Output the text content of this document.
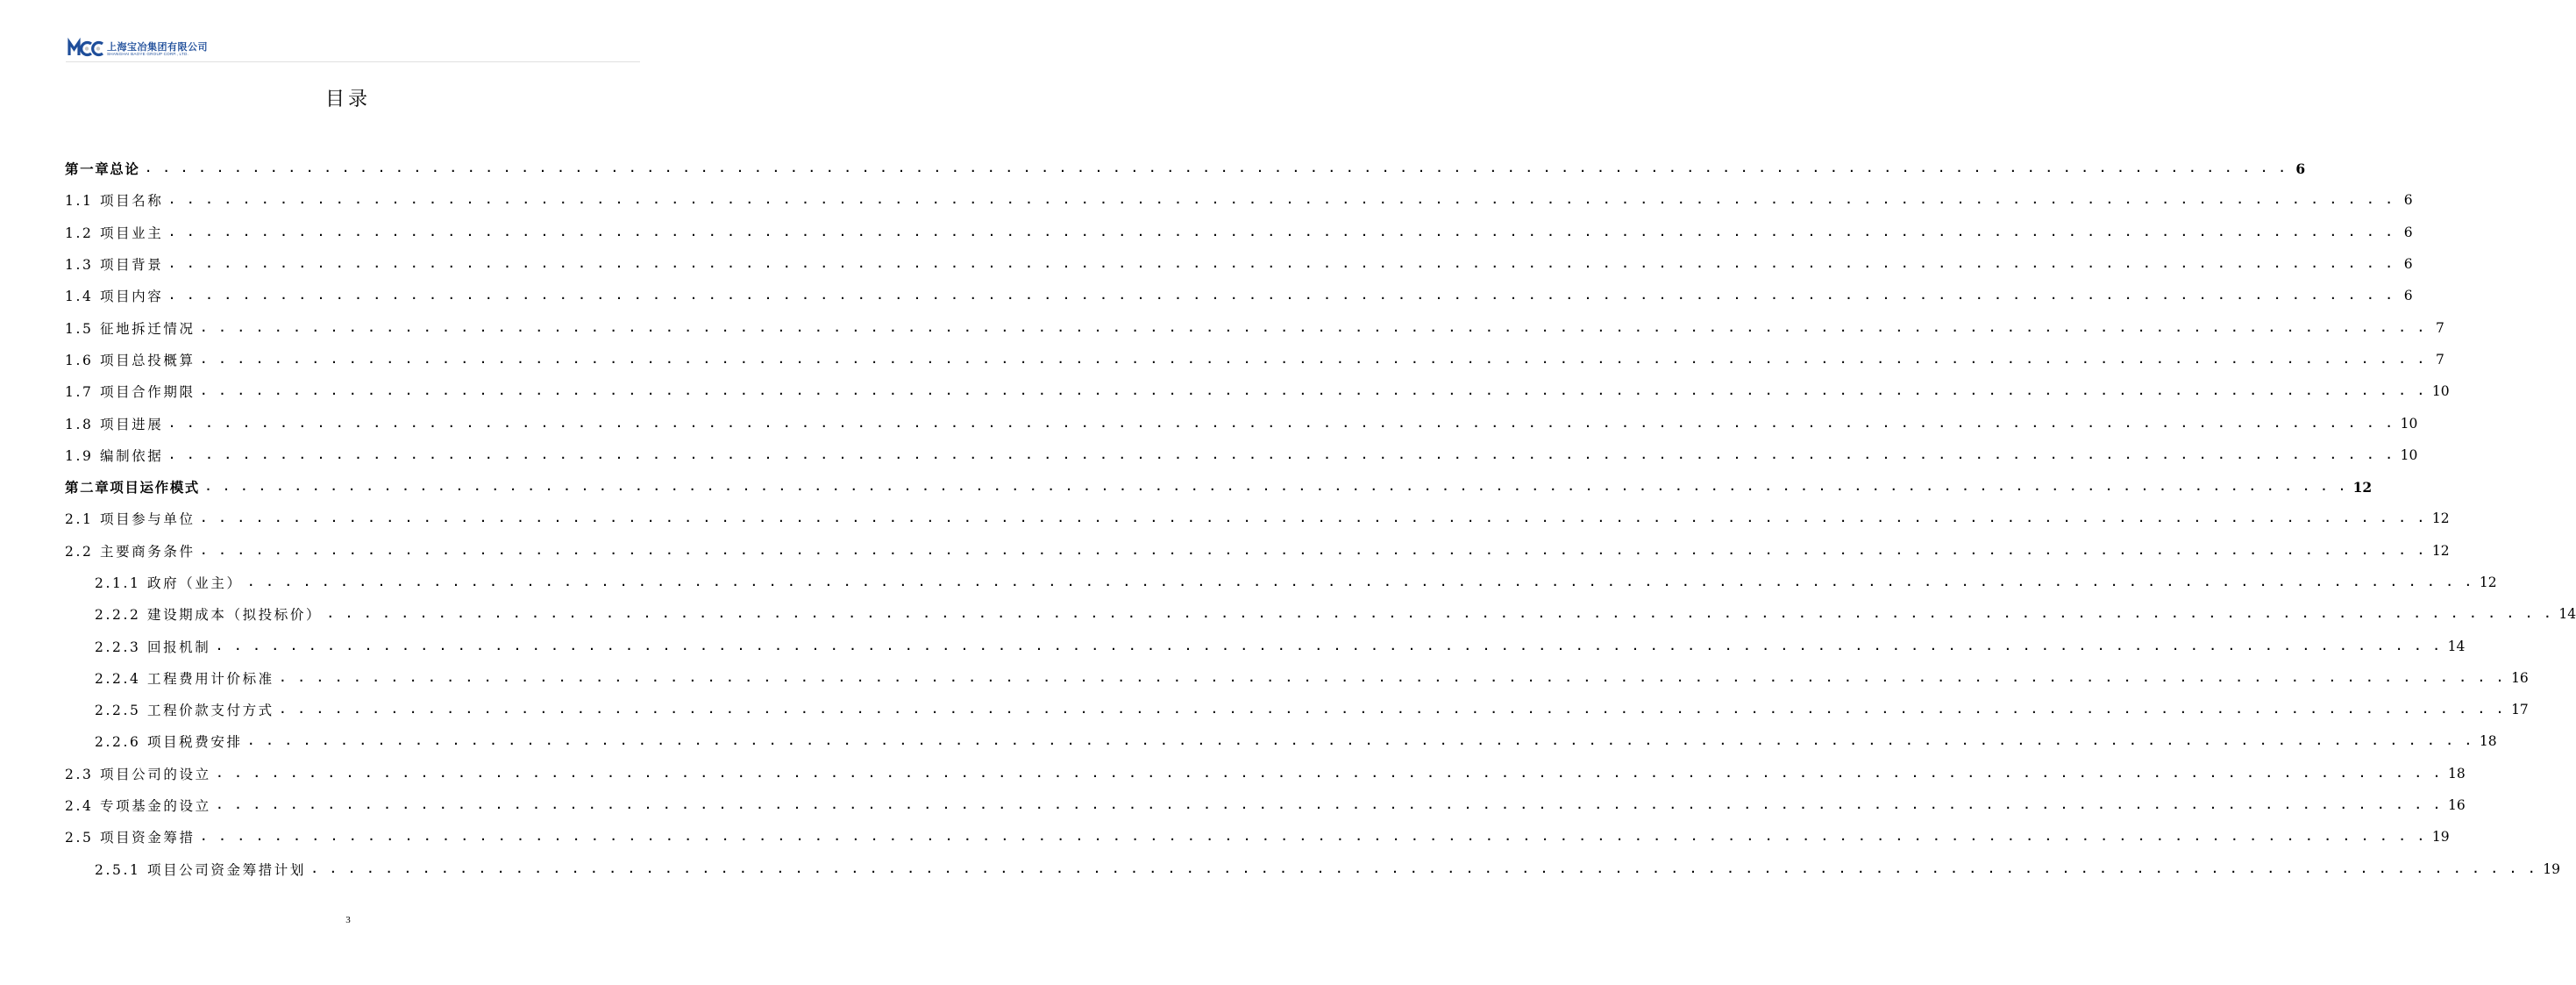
上海宝冶集团有限公司
SHANGHAI BAOYE GROUP CORP., LTD.
目录
第一章总论 . . . . . . . . . . . . . . . . . . . . . . . . . . . . . . . . . . . . . . . . . . . . . . . . . . . . . . . . . . . . . . . . . . . . . . . . . . . . . . . . . . . . . . . . . . . . . . . . . . . . . . . . . . . . . . . . . . . . . . . . 6
1.1 项目名称 . . . . . . . . . . . . . . . . . . . . . . . . . . . . . . . . . . . . . . . . . . . . . . . . . . . . . . . . . . . . . . . . . . . . . . . . . . . . . . . . . . . . . . . . . . . . . . . . . . . . . . . . . . . . . . . . . . . . . . . . 6
1.2 项目业主 . . . . . . . . . . . . . . . . . . . . . . . . . . . . . . . . . . . . . . . . . . . . . . . . . . . . . . . . . . . . . . . . . . . . . . . . . . . . . . . . . . . . . . . . . . . . . . . . . . . . . . . . . . . . . . . . . . . . . . . . 6
1.3 项目背景 . . . . . . . . . . . . . . . . . . . . . . . . . . . . . . . . . . . . . . . . . . . . . . . . . . . . . . . . . . . . . . . . . . . . . . . . . . . . . . . . . . . . . . . . . . . . . . . . . . . . . . . . . . . . . . . . . . . . . . . . 6
1.4 项目内容 . . . . . . . . . . . . . . . . . . . . . . . . . . . . . . . . . . . . . . . . . . . . . . . . . . . . . . . . . . . . . . . . . . . . . . . . . . . . . . . . . . . . . . . . . . . . . . . . . . . . . . . . . . . . . . . . . . . . . . . . 6
1.5 征地拆迁情况 . . . . . . . . . . . . . . . . . . . . . . . . . . . . . . . . . . . . . . . . . . . . . . . . . . . . . . . . . . . . . . . . . . . . . . . . . . . . . . . . . . . . . . . . . . . . . . . . . . . . . . . . . . . . . . . . . . . . . . . . 7
1.6 项目总投概算 . . . . . . . . . . . . . . . . . . . . . . . . . . . . . . . . . . . . . . . . . . . . . . . . . . . . . . . . . . . . . . . . . . . . . . . . . . . . . . . . . . . . . . . . . . . . . . . . . . . . . . . . . . . . . . . . . . . . . . . . 7
1.7 项目合作期限 . . . . . . . . . . . . . . . . . . . . . . . . . . . . . . . . . . . . . . . . . . . . . . . . . . . . . . . . . . . . . . . . . . . . . . . . . . . . . . . . . . . . . . . . . . . . . . . . . . . . . . . . . . . . . . . . . . . . . . . . 10
1.8 项目进展 . . . . . . . . . . . . . . . . . . . . . . . . . . . . . . . . . . . . . . . . . . . . . . . . . . . . . . . . . . . . . . . . . . . . . . . . . . . . . . . . . . . . . . . . . . . . . . . . . . . . . . . . . . . . . . . . . . . . . . . . 10
1.9 编制依据 . . . . . . . . . . . . . . . . . . . . . . . . . . . . . . . . . . . . . . . . . . . . . . . . . . . . . . . . . . . . . . . . . . . . . . . . . . . . . . . . . . . . . . . . . . . . . . . . . . . . . . . . . . . . . . . . . . . . . . . . 10
第二章项目运作模式 . . . . . . . . . . . . . . . . . . . . . . . . . . . . . . . . . . . . . . . . . . . . . . . . . . . . . . . . . . . . . . . . . . . . . . . . . . . . . . . . . . . . . . . . . . . . . . . . . . . . . . . . . . . . . . . . . . . . . . . . 12
2.1 项目参与单位 . . . . . . . . . . . . . . . . . . . . . . . . . . . . . . . . . . . . . . . . . . . . . . . . . . . . . . . . . . . . . . . . . . . . . . . . . . . . . . . . . . . . . . . . . . . . . . . . . . . . . . . . . . . . . . . . . . . . . . . . 12
2.2 主要商务条件 . . . . . . . . . . . . . . . . . . . . . . . . . . . . . . . . . . . . . . . . . . . . . . . . . . . . . . . . . . . . . . . . . . . . . . . . . . . . . . . . . . . . . . . . . . . . . . . . . . . . . . . . . . . . . . . . . . . . . . . . 12
2.1.1 政府（业主） . . . . . . . . . . . . . . . . . . . . . . . . . . . . . . . . . . . . . . . . . . . . . . . . . . . . . . . . . . . . . . . . . . . . . . . . . . . . . . . . . . . . . . . . . . . . . . . . . . . . . . . . . . . . . . . . . . . . . . . . 12
2.2.2 建设期成本（拟投标价） . . . . . . . . . . . . . . . . . . . . . . . . . . . . . . . . . . . . . . . . . . . . . . . . . . . . . . . . . . . . . . . . . . . . . . . . . . . . . . . . . . . . . . . . . . . . . . . . . . . . . . . . . . . . . . . . . . . . . . . . 14
2.2.3 回报机制 . . . . . . . . . . . . . . . . . . . . . . . . . . . . . . . . . . . . . . . . . . . . . . . . . . . . . . . . . . . . . . . . . . . . . . . . . . . . . . . . . . . . . . . . . . . . . . . . . . . . . . . . . . . . . . . . . . . . . . . . 14
2.2.4 工程费用计价标准 . . . . . . . . . . . . . . . . . . . . . . . . . . . . . . . . . . . . . . . . . . . . . . . . . . . . . . . . . . . . . . . . . . . . . . . . . . . . . . . . . . . . . . . . . . . . . . . . . . . . . . . . . . . . . . . . . . . . . . . . 16
2.2.5 工程价款支付方式 . . . . . . . . . . . . . . . . . . . . . . . . . . . . . . . . . . . . . . . . . . . . . . . . . . . . . . . . . . . . . . . . . . . . . . . . . . . . . . . . . . . . . . . . . . . . . . . . . . . . . . . . . . . . . . . . . . . . . . . . 17
2.2.6 项目税费安排 . . . . . . . . . . . . . . . . . . . . . . . . . . . . . . . . . . . . . . . . . . . . . . . . . . . . . . . . . . . . . . . . . . . . . . . . . . . . . . . . . . . . . . . . . . . . . . . . . . . . . . . . . . . . . . . . . . . . . . . . 18
2.3 项目公司的设立 . . . . . . . . . . . . . . . . . . . . . . . . . . . . . . . . . . . . . . . . . . . . . . . . . . . . . . . . . . . . . . . . . . . . . . . . . . . . . . . . . . . . . . . . . . . . . . . . . . . . . . . . . . . . . . . . . . . . . . . . 18
2.4 专项基金的设立 . . . . . . . . . . . . . . . . . . . . . . . . . . . . . . . . . . . . . . . . . . . . . . . . . . . . . . . . . . . . . . . . . . . . . . . . . . . . . . . . . . . . . . . . . . . . . . . . . . . . . . . . . . . . . . . . . . . . . . . . 16
2.5 项目资金筹措 . . . . . . . . . . . . . . . . . . . . . . . . . . . . . . . . . . . . . . . . . . . . . . . . . . . . . . . . . . . . . . . . . . . . . . . . . . . . . . . . . . . . . . . . . . . . . . . . . . . . . . . . . . . . . . . . . . . . . . . . 19
2.5.1 项目公司资金筹措计划 . . . . . . . . . . . . . . . . . . . . . . . . . . . . . . . . . . . . . . . . . . . . . . . . . . . . . . . . . . . . . . . . . . . . . . . . . . . . . . . . . . . . . . . . . . . . . . . . . . . . . . . . . . . . . . . . . . . . . . . . 19
3
